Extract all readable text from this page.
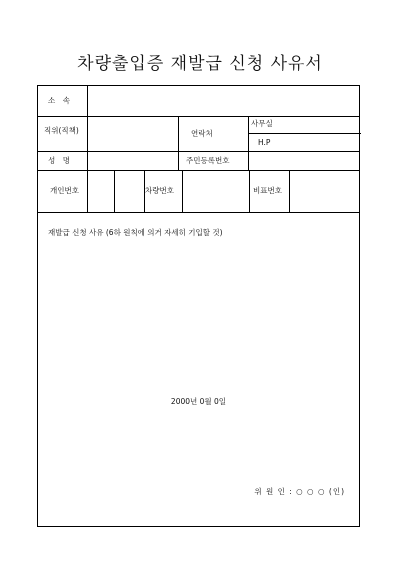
차량출입증 재발급 신청 사유서
소　속
직위(직책)	연락처
사무실
H.P
성　명	주민등록번호
개인번호	차량번호	비표번호
재발급 신청 사유 (6하 원칙에 의거 자세히 기입할 것)
2000년 0월 0일
위 원 인 : ○ ○ ○ (인)
